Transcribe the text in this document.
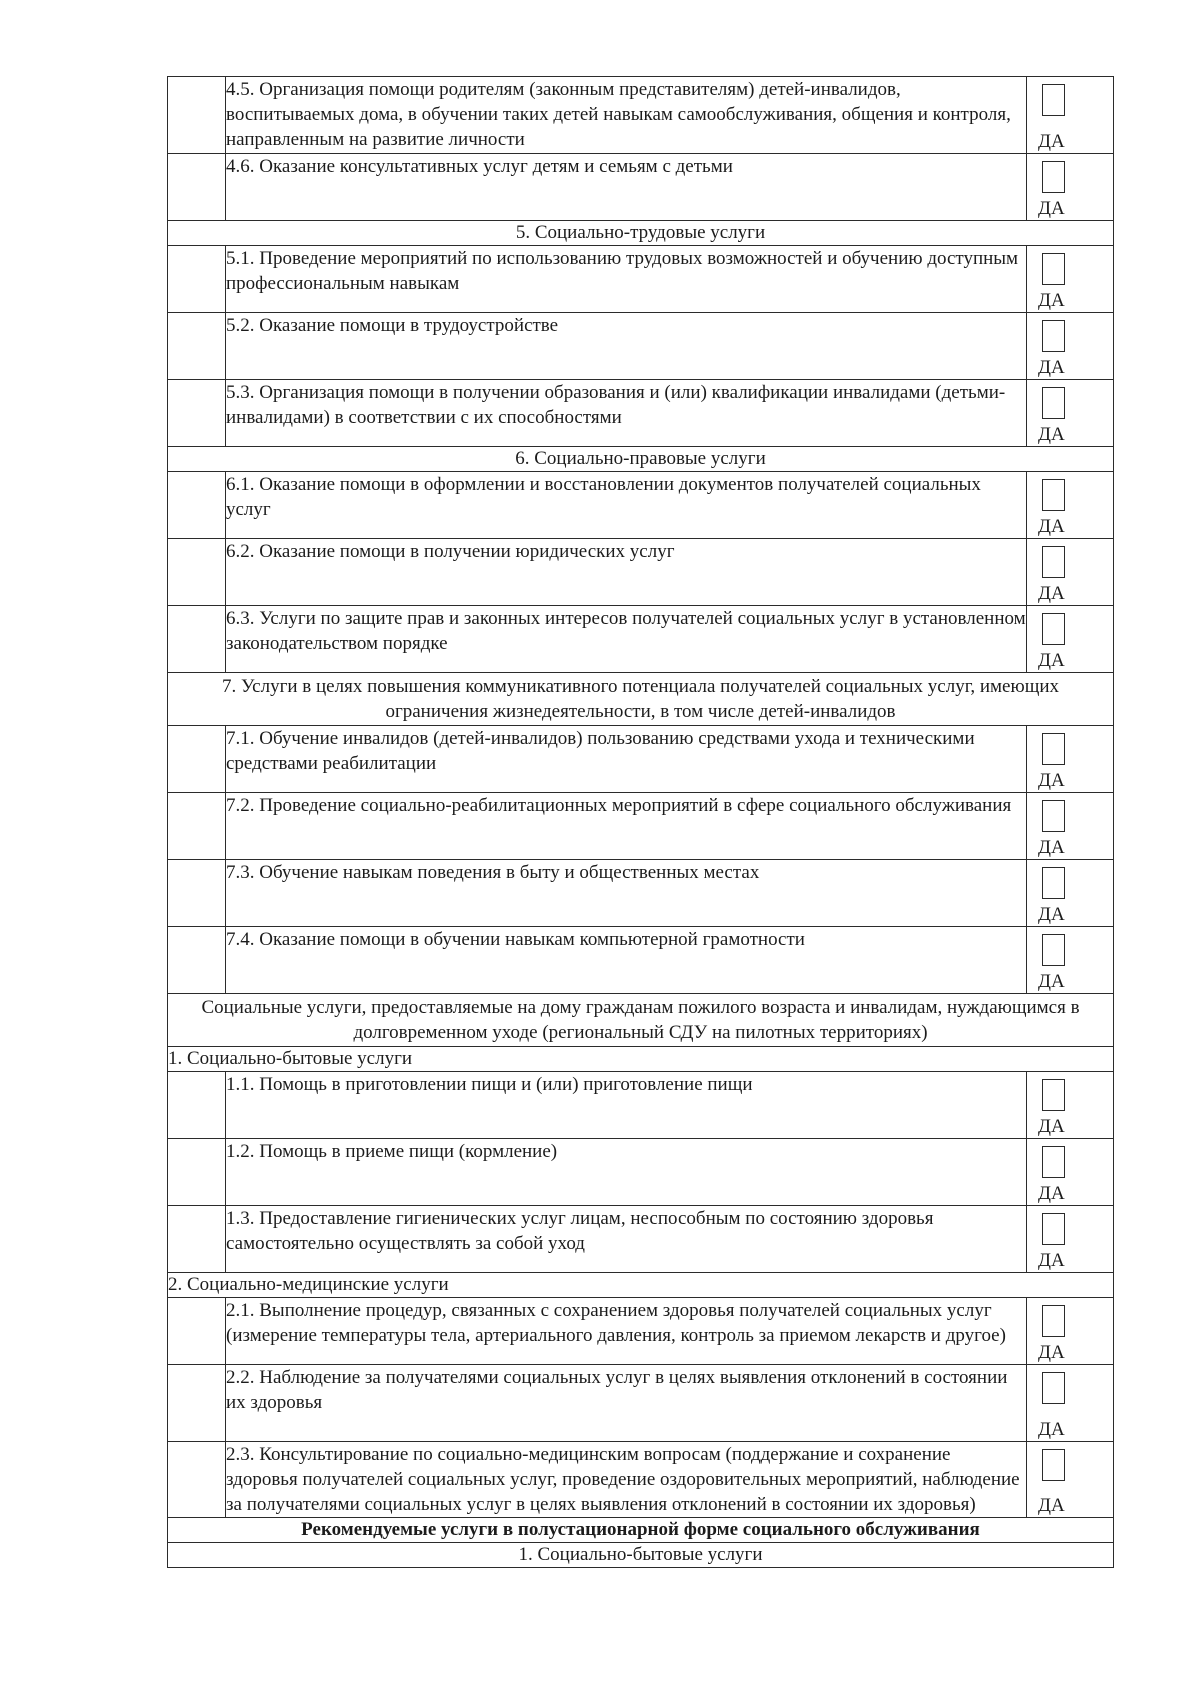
	4.5. Организация помощи родителям (законным представителям) детей-инвалидов, воспитываемых дома, в обучении таких детей навыкам самообслуживания, общения и контроля, направленным на развитие личности	ДА

	4.6. Оказание консультативных услуг детям и семьям с детьми	ДА

5. Социально-трудовые услуги		
	5.1. Проведение мероприятий по использованию трудовых возможностей и обучению доступным профессиональным навыкам	ДА

	5.2. Оказание помощи в трудоустройстве	ДА

	5.3. Организация помощи в получении образования и (или) квалификации инвалидами (детьми-инвалидами) в соответствии с их способностями	ДА

6. Социально-правовые услуги		
	6.1. Оказание помощи в оформлении и восстановлении документов получателей социальных услуг	ДА

	6.2. Оказание помощи в получении юридических услуг	ДА

	6.3. Услуги по защите прав и законных интересов получателей социальных услуг в установленном законодательством порядке	ДА

7. Услуги в целях повышения коммуникативного потенциала получателей социальных услуг, имеющих ограничения жизнедеятельности, в том числе детей-инвалидов		
	7.1. Обучение инвалидов (детей-инвалидов) пользованию средствами ухода и техническими средствами реабилитации	ДА

	7.2. Проведение социально-реабилитационных мероприятий в сфере социального обслуживания	ДА

	7.3. Обучение навыкам поведения в быту и общественных местах	ДА

	7.4. Оказание помощи в обучении навыкам компьютерной грамотности	ДА

Социальные услуги, предоставляемые на дому гражданам пожилого возраста и инвалидам, нуждающимся в долговременном уходе (региональный СДУ на пилотных территориях)		
1. Социально-бытовые услуги		
	1.1. Помощь в приготовлении пищи и (или) приготовление пищи	ДА

	1.2. Помощь в приеме пищи (кормление)	ДА

	1.3. Предоставление гигиенических услуг лицам, неспособным по состоянию здоровья самостоятельно осуществлять за собой уход	ДА

2. Социально-медицинские услуги		
	2.1. Выполнение процедур, связанных с сохранением здоровья получателей социальных услуг (измерение температуры тела, артериального давления, контроль за приемом лекарств и другое)	ДА

	2.2. Наблюдение за получателями социальных услуг в целях выявления отклонений в состоянии их здоровья	ДА

	2.3. Консультирование по социально-медицинским вопросам (поддержание и сохранение здоровья получателей социальных услуг, проведение оздоровительных мероприятий, наблюдение за получателями социальных услуг в целях выявления отклонений в состоянии их здоровья)	ДА

Рекомендуемые услуги в полустационарной форме социального обслуживания		
1. Социально-бытовые услуги		
